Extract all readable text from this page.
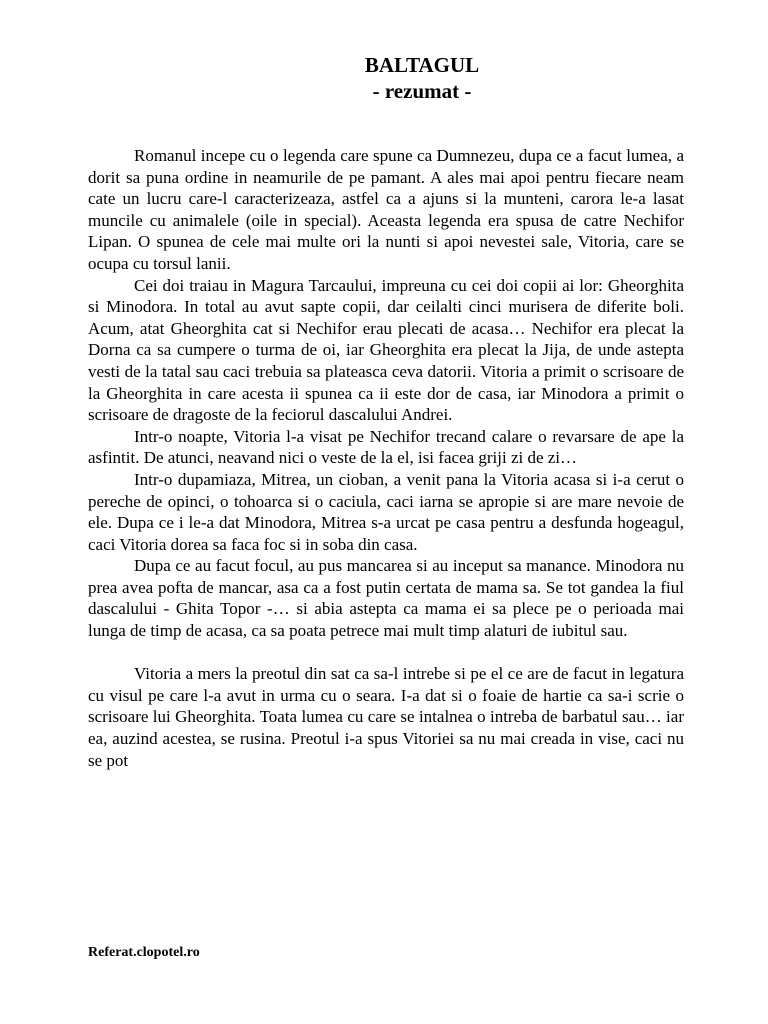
BALTAGUL
- rezumat -

Romanul incepe cu o legenda care spune ca Dumnezeu, dupa ce a facut lumea, a dorit sa puna ordine in neamurile de pe pamant. A ales mai apoi pentru fiecare neam cate un lucru care-l caracterizeaza, astfel ca a ajuns si la munteni, carora le-a lasat muncile cu animalele (oile in special). Aceasta legenda era spusa de catre Nechifor Lipan. O spunea de cele mai multe ori la nunti si apoi nevestei sale, Vitoria, care se ocupa cu torsul lanii.

Cei doi traiau in Magura Tarcaului, impreuna cu cei doi copii ai lor: Gheorghita si Minodora. In total au avut sapte copii, dar ceilalti cinci murisera de diferite boli. Acum, atat Gheorghita cat si Nechifor erau plecati de acasa… Nechifor era plecat la Dorna ca sa cumpere o turma de oi, iar Gheorghita era plecat la Jija, de unde astepta vesti de la tatal sau caci trebuia sa plateasca ceva datorii. Vitoria a primit o scrisoare de la Gheorghita in care acesta ii spunea ca ii este dor de casa, iar Minodora a primit o scrisoare de dragoste de la feciorul dascalului Andrei.

Intr-o noapte, Vitoria l-a visat pe Nechifor trecand calare o revarsare de ape la asfintit. De atunci, neavand nici o veste de la el, isi facea griji zi de zi…

Intr-o dupamiaza, Mitrea, un cioban, a venit pana la Vitoria acasa si i-a cerut o pereche de opinci, o tohoarca si o caciula, caci iarna se apropie si are mare nevoie de ele. Dupa ce i le-a dat Minodora, Mitrea s-a urcat pe casa pentru a desfunda hogeagul, caci Vitoria dorea sa faca foc si in soba din casa.

Dupa ce au facut focul, au pus mancarea si au inceput sa manance. Minodora nu prea avea pofta de mancar, asa ca a fost putin certata de mama sa. Se tot gandea la fiul dascalului - Ghita Topor -… si abia astepta ca mama ei sa plece pe o perioada mai lunga de timp de acasa, ca sa poata petrece mai mult timp alaturi de iubitul sau.

Vitoria a mers la preotul din sat ca sa-l intrebe si pe el ce are de facut in legatura cu visul pe care l-a avut in urma cu o seara. I-a dat si o foaie de hartie ca sa-i scrie o scrisoare lui Gheorghita. Toata lumea cu care se intalnea o intreba de barbatul sau… iar ea, auzind acestea, se rusina. Preotul i-a spus Vitoriei sa nu mai creada in vise, caci nu se pot

Referat.clopotel.ro
